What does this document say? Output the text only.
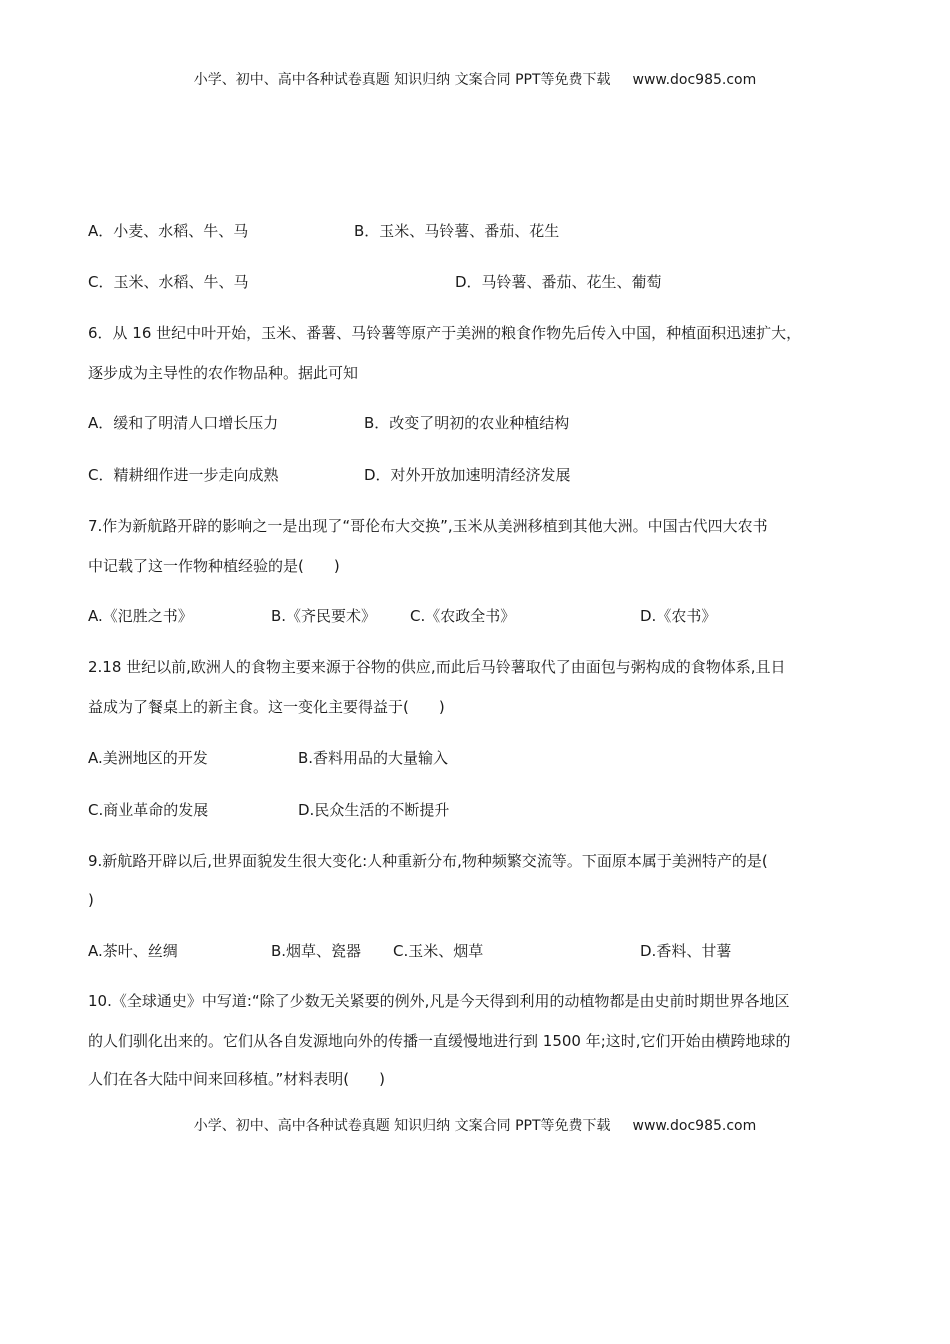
小学、初中、高中各种试卷真题 知识归纳 文案合同 PPT等免费下载 www.doc985.com
A．小麦、水稻、牛、马	B．玉米、马铃薯、番茄、花生
C．玉米、水稻、牛、马	D．马铃薯、番茄、花生、葡萄
6．从 16 世纪中叶开始，玉米、番薯、马铃薯等原产于美洲的粮食作物先后传入中国，种植面积迅速扩大，
逐步成为主导性的农作物品种。据此可知
A．缓和了明清人口增长压力	B．改变了明初的农业种植结构
C．精耕细作进一步走向成熟	D．对外开放加速明清经济发展
7.作为新航路开辟的影响之一是出现了“哥伦布大交换”,玉米从美洲移植到其他大洲。中国古代四大农书
中记载了这一作物种植经验的是(　　)
A.《氾胜之书》	B.《齐民要术》 C.《农政全书》	D.《农书》
2.18 世纪以前,欧洲人的食物主要来源于谷物的供应,而此后马铃薯取代了由面包与粥构成的食物体系,且日
益成为了餐桌上的新主食。这一变化主要得益于(　　)
A.美洲地区的开发	B.香料用品的大量输入
C.商业革命的发展	D.民众生活的不断提升
9.新航路开辟以后,世界面貌发生很大变化:人种重新分布,物种频繁交流等。下面原本属于美洲特产的是(
)
A.茶叶、丝绸	B.烟草、瓷器 C.玉米、烟草	D.香料、甘薯
10.《全球通史》中写道:“除了少数无关紧要的例外,凡是今天得到利用的动植物都是由史前时期世界各地区
的人们驯化出来的。它们从各自发源地向外的传播一直缓慢地进行到 1500 年;这时,它们开始由横跨地球的
人们在各大陆中间来回移植。”材料表明(　　)
小学、初中、高中各种试卷真题 知识归纳 文案合同 PPT等免费下载 www.doc985.com
